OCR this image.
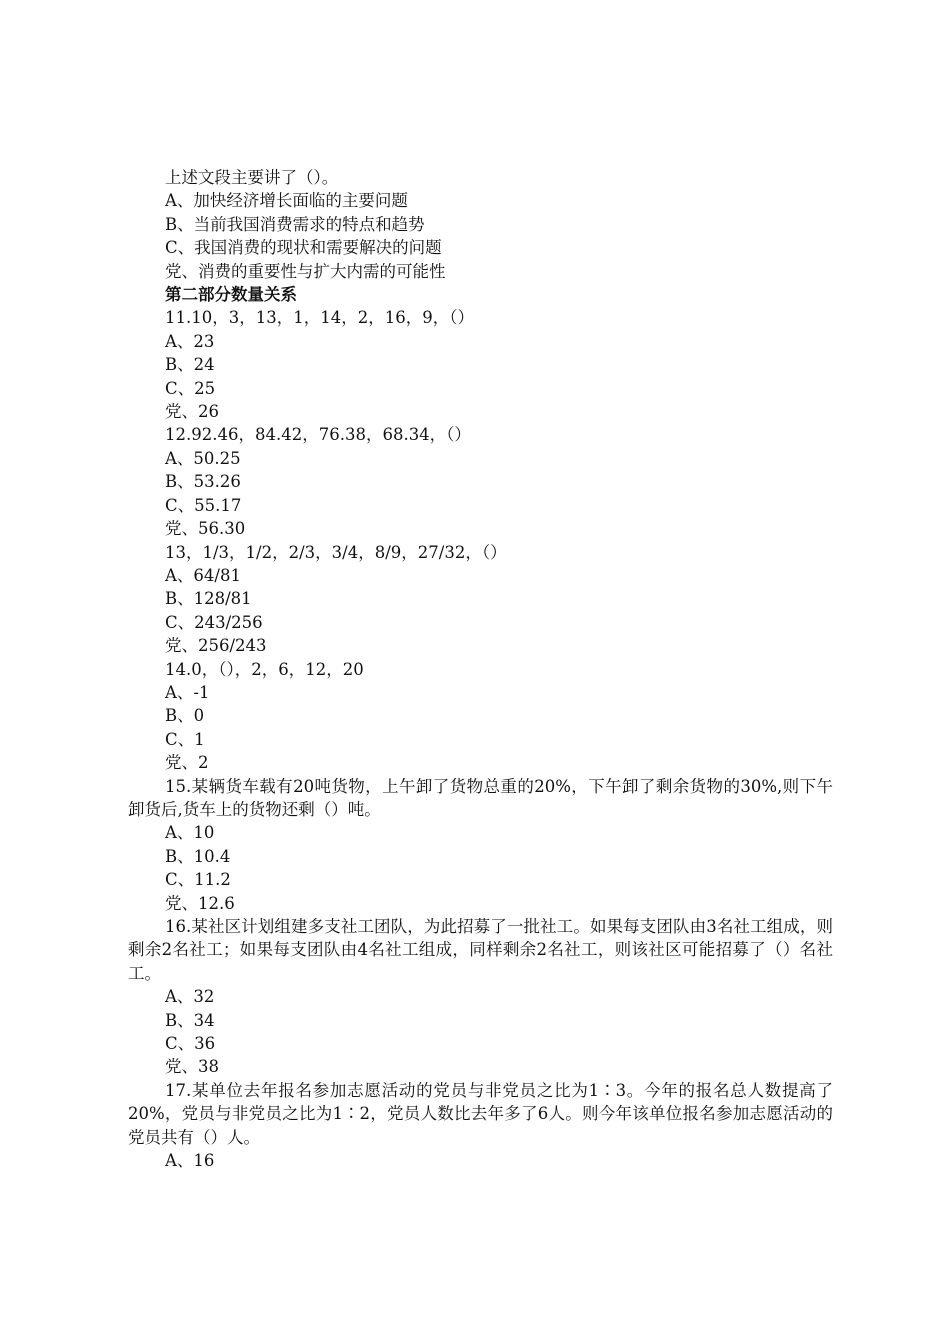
上述文段主要讲了（）。
A、加快经济增长面临的主要问题
B、当前我国消费需求的特点和趋势
C、我国消费的现状和需要解决的问题
党、消费的重要性与扩大内需的可能性
第二部分数量关系
11.10，3，13，1，14，2，16，9，（）
A、23
B、24
C、25
党、26
12.92.46，84.42，76.38，68.34，（）
A、50.25
B、53.26
C、55.17
党、56.30
13，1/3，1/2，2/3，3/4，8/9，27/32，（）
A、64/81
B、128/81
C、243/256
党、256/243
14.0，（），2，6，12，20
A、-1
B、0
C、1
党、2
15.某辆货车载有20吨货物，上午卸了货物总重的20%，下午卸了剩余货物的30%,则下午卸货后,货车上的货物还剩（）吨。
A、10
B、10.4
C、11.2
党、12.6
16.某社区计划组建多支社工团队，为此招募了一批社工。如果每支团队由3名社工组成，则剩余2名社工；如果每支团队由4名社工组成，同样剩余2名社工，则该社区可能招募了（）名社工。
A、32
B、34
C、36
党、38
17.某单位去年报名参加志愿活动的党员与非党员之比为1∶3。今年的报名总人数提高了20%，党员与非党员之比为1∶2，党员人数比去年多了6人。则今年该单位报名参加志愿活动的党员共有（）人。
A、16
